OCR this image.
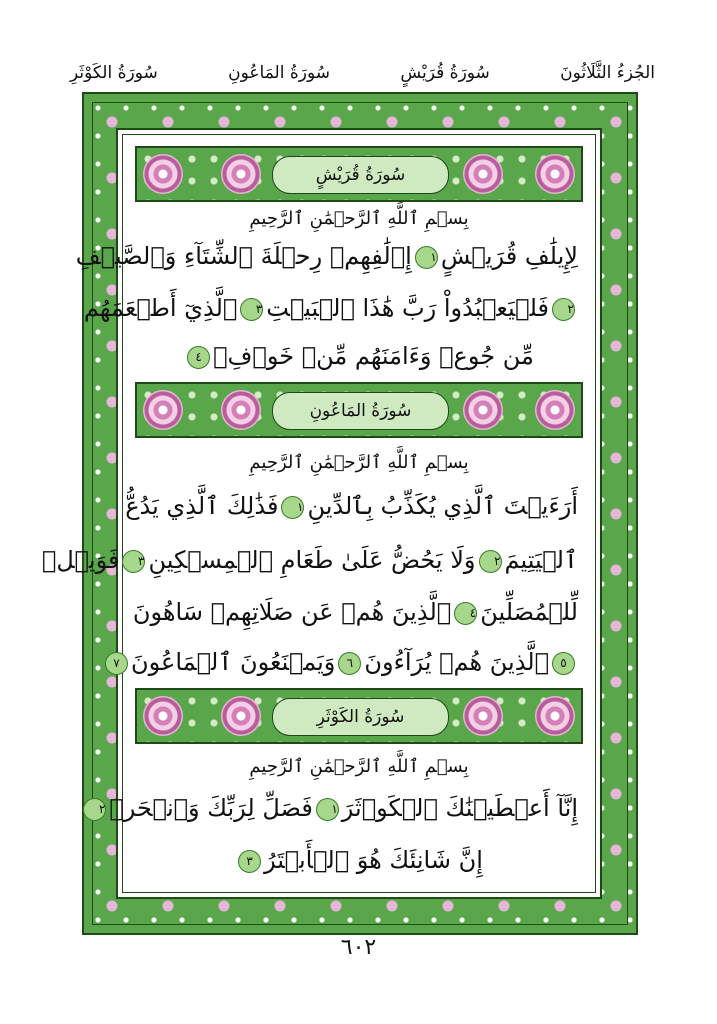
الجُزءُ الثَّلَاثُونَ
سُورَةُ قُرَيْشٍ
سُورَةُ المَاعُونِ
سُورَةُ الكَوْثَرِ
سُورَةُ قُرَيْشٍ
بِسۡمِ ٱللَّهِ ٱلرَّحۡمَٰنِ ٱلرَّحِيمِ
لِإِيلَٰفِ قُرَيۡشٍ١إِۦلَٰفِهِمۡ رِحۡلَةَ ٱلشِّتَآءِ وَٱلصَّيۡفِ
٢فَلۡيَعۡبُدُواْ رَبَّ هَٰذَا ٱلۡبَيۡتِ٣ٱلَّذِيٓ أَطۡعَمَهُم
مِّن جُوعٖ وَءَامَنَهُم مِّنۡ خَوۡفِۭ٤
سُورَةُ المَاعُونِ
بِسۡمِ ٱللَّهِ ٱلرَّحۡمَٰنِ ٱلرَّحِيمِ
أَرَءَيۡتَ ٱلَّذِي يُكَذِّبُ بِٱلدِّينِ١فَذَٰلِكَ ٱلَّذِي يَدُعُّ
ٱلۡيَتِيمَ٢وَلَا يَحُضُّ عَلَىٰ طَعَامِ ٱلۡمِسۡكِينِ٣فَوَيۡلٞ
لِّلۡمُصَلِّينَ٤ٱلَّذِينَ هُمۡ عَن صَلَاتِهِمۡ سَاهُونَ
٥ٱلَّذِينَ هُمۡ يُرَآءُونَ٦وَيَمۡنَعُونَ ٱلۡمَاعُونَ٧
سُورَةُ الكَوْثَرِ
بِسۡمِ ٱللَّهِ ٱلرَّحۡمَٰنِ ٱلرَّحِيمِ
إِنَّآ أَعۡطَيۡنَٰكَ ٱلۡكَوۡثَرَ١فَصَلِّ لِرَبِّكَ وَٱنۡحَرۡ٢
إِنَّ شَانِئَكَ هُوَ ٱلۡأَبۡتَرُ٣
٦٠٢
